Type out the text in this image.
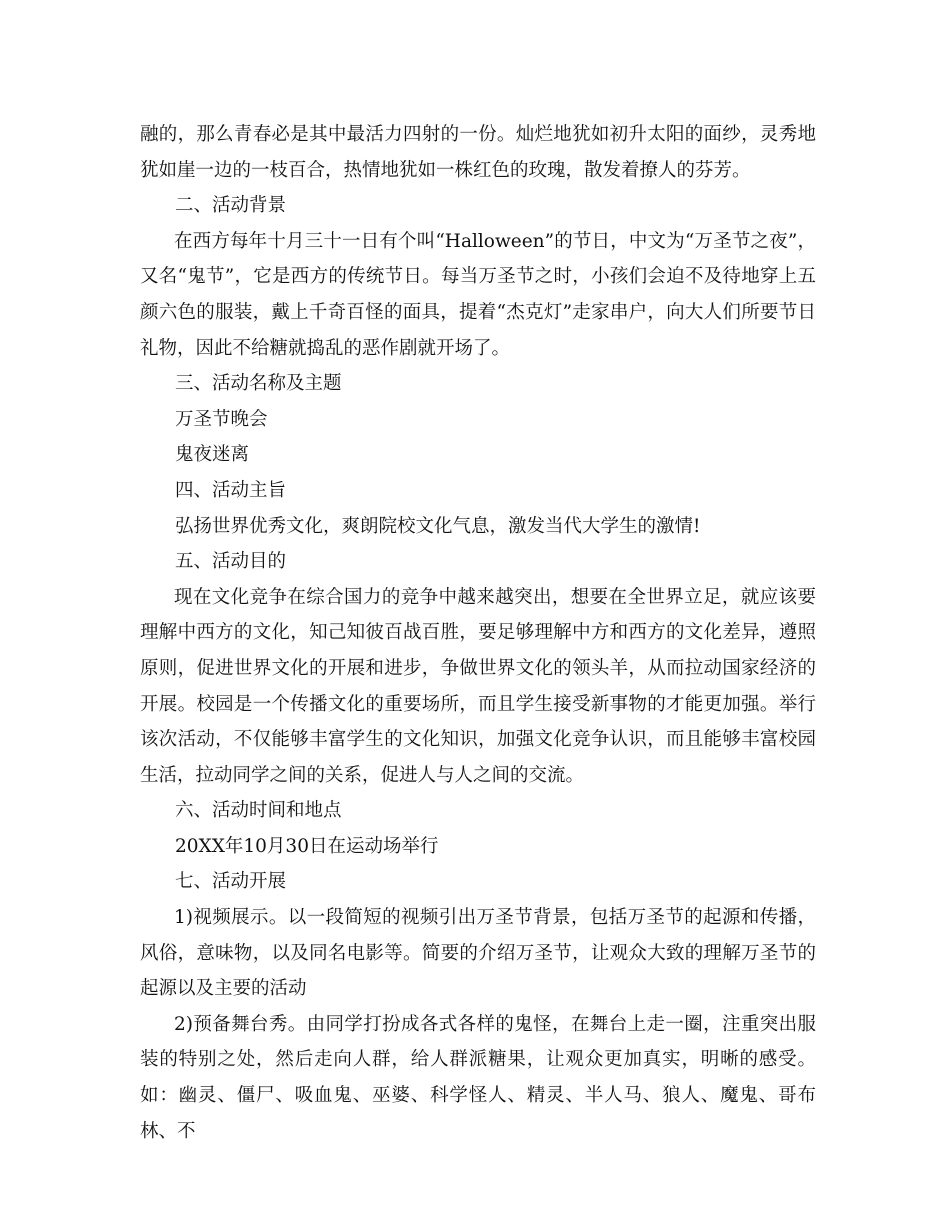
融的，那么青春必是其中最活力四射的一份。灿烂地犹如初升太阳的面纱，灵秀地犹如崖一边的一枝百合，热情地犹如一株红色的玫瑰，散发着撩人的芬芳。

二、活动背景

在西方每年十月三十一日有个叫“Halloween”的节日，中文为“万圣节之夜”，又名“鬼节”，它是西方的传统节日。每当万圣节之时，小孩们会迫不及待地穿上五颜六色的服装，戴上千奇百怪的面具，提着“杰克灯”走家串户，向大人们所要节日礼物，因此不给糖就捣乱的恶作剧就开场了。

三、活动名称及主题

万圣节晚会

鬼夜迷离

四、活动主旨

弘扬世界优秀文化，爽朗院校文化气息，激发当代大学生的激情!

五、活动目的

现在文化竞争在综合国力的竞争中越来越突出，想要在全世界立足，就应该要理解中西方的文化，知己知彼百战百胜，要足够理解中方和西方的文化差异，遵照原则，促进世界文化的开展和进步，争做世界文化的领头羊，从而拉动国家经济的开展。校园是一个传播文化的重要场所，而且学生接受新事物的才能更加强。举行该次活动，不仅能够丰富学生的文化知识，加强文化竞争认识，而且能够丰富校园生活，拉动同学之间的关系，促进人与人之间的交流。

六、活动时间和地点

20XX年10月30日在运动场举行

七、活动开展

1)视频展示。以一段简短的视频引出万圣节背景，包括万圣节的起源和传播，风俗，意味物，以及同名电影等。简要的介绍万圣节，让观众大致的理解万圣节的起源以及主要的活动

2)预备舞台秀。由同学打扮成各式各样的鬼怪，在舞台上走一圈，注重突出服装的特别之处，然后走向人群，给人群派糖果，让观众更加真实，明晰的感受。如：幽灵、僵尸、吸血鬼、巫婆、科学怪人、精灵、半人马、狼人、魔鬼、哥布林、不
